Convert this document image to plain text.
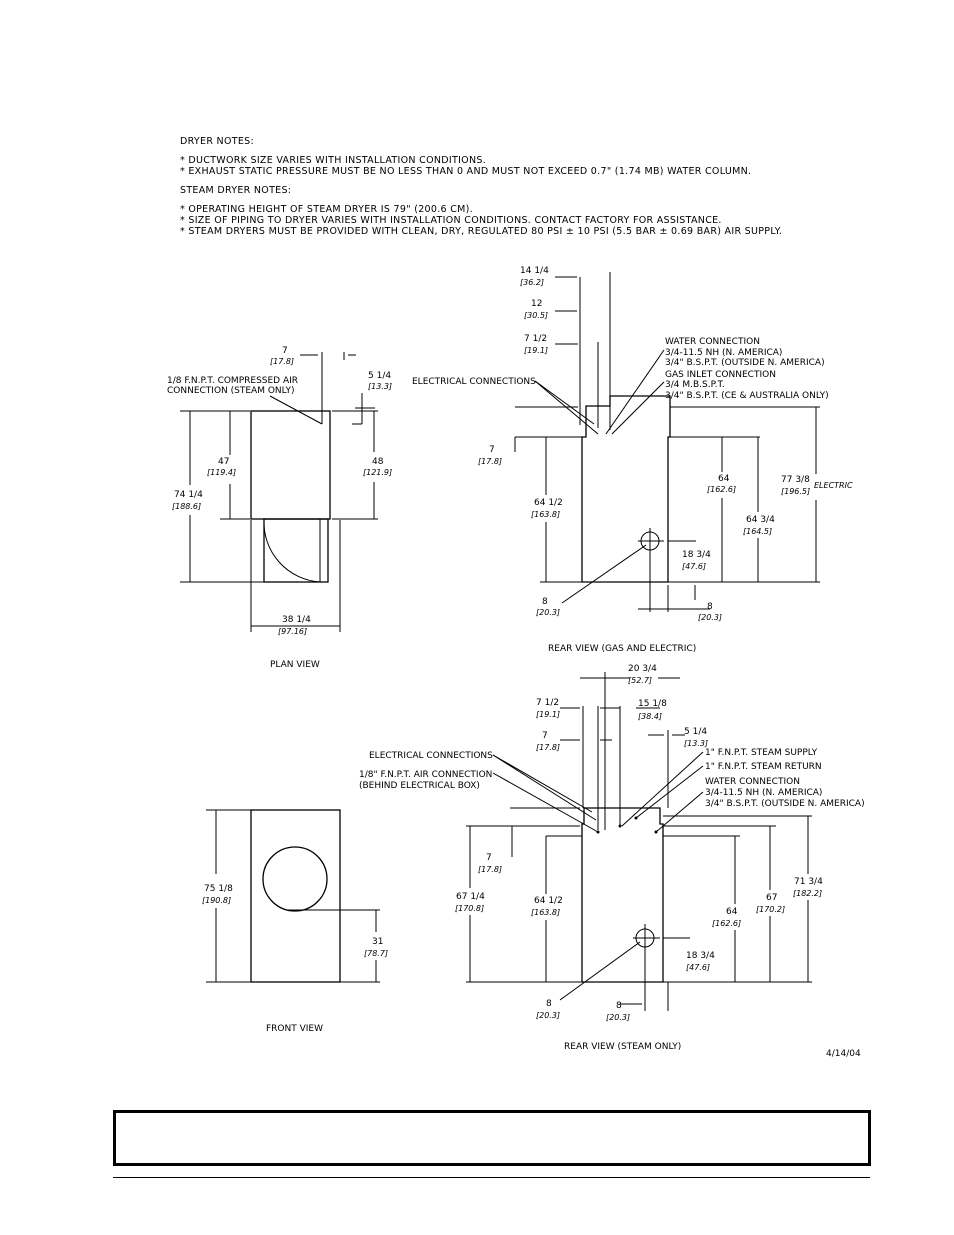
DRYER NOTES:
* DUCTWORK SIZE VARIES WITH INSTALLATION CONDITIONS.
* EXHAUST STATIC PRESSURE MUST BE NO LESS THAN 0 AND MUST NOT EXCEED 0.7" (1.74 MB) WATER COLUMN.
STEAM DRYER NOTES:
* OPERATING HEIGHT OF STEAM DRYER IS 79" (200.6 CM).
* SIZE OF PIPING TO DRYER VARIES WITH INSTALLATION CONDITIONS. CONTACT FACTORY FOR ASSISTANCE.
* STEAM DRYERS MUST BE PROVIDED WITH CLEAN, DRY, REGULATED 80 PSI ± 10 PSI (5.5 BAR ± 0.69 BAR) AIR SUPPLY.
7
[17.8]
5 1/4
[13.3]
1/8 F.N.P.T. COMPRESSED AIR
CONNECTION (STEAM ONLY)
47
[119.4]
48
[121.9]
74 1/4
[188.6]
38 1/4
[97.16]
PLAN VIEW
14 1/4
[36.2]
12
[30.5]
7 1/2
[19.1]
WATER CONNECTION
3/4-11.5 NH (N. AMERICA)
3/4" B.S.P.T. (OUTSIDE N. AMERICA)
GAS INLET CONNECTION
3/4 M.B.S.P.T.
3/4" B.S.P.T. (CE & AUSTRALIA ONLY)
ELECTRICAL CONNECTIONS
7
[17.8]
64 1/2
[163.8]
64
[162.6]
64 3/4
[164.5]
77 3/8
[196.5]
ELECTRIC
18 3/4
[47.6]
8
[20.3]
8
[20.3]
REAR VIEW (GAS AND ELECTRIC)
75 1/8
[190.8]
31
[78.7]
FRONT VIEW
20 3/4
[52.7]
7 1/2
[19.1]
15 1/8
[38.4]
7
[17.8]
5 1/4
[13.3]
ELECTRICAL CONNECTIONS
1/8" F.N.P.T. AIR CONNECTION
(BEHIND ELECTRICAL BOX)
1" F.N.P.T. STEAM SUPPLY
1" F.N.P.T. STEAM RETURN
WATER CONNECTION
3/4-11.5 NH (N. AMERICA)
3/4" B.S.P.T. (OUTSIDE N. AMERICA)
7
[17.8]
67 1/4
[170.8]
64 1/2
[163.8]	64
[162.6]
67
[170.2]
71 3/4
[182.2]
18 3/4
[47.6]
8
[20.3]
8
[20.3]
REAR VIEW (STEAM ONLY)
4/14/04
